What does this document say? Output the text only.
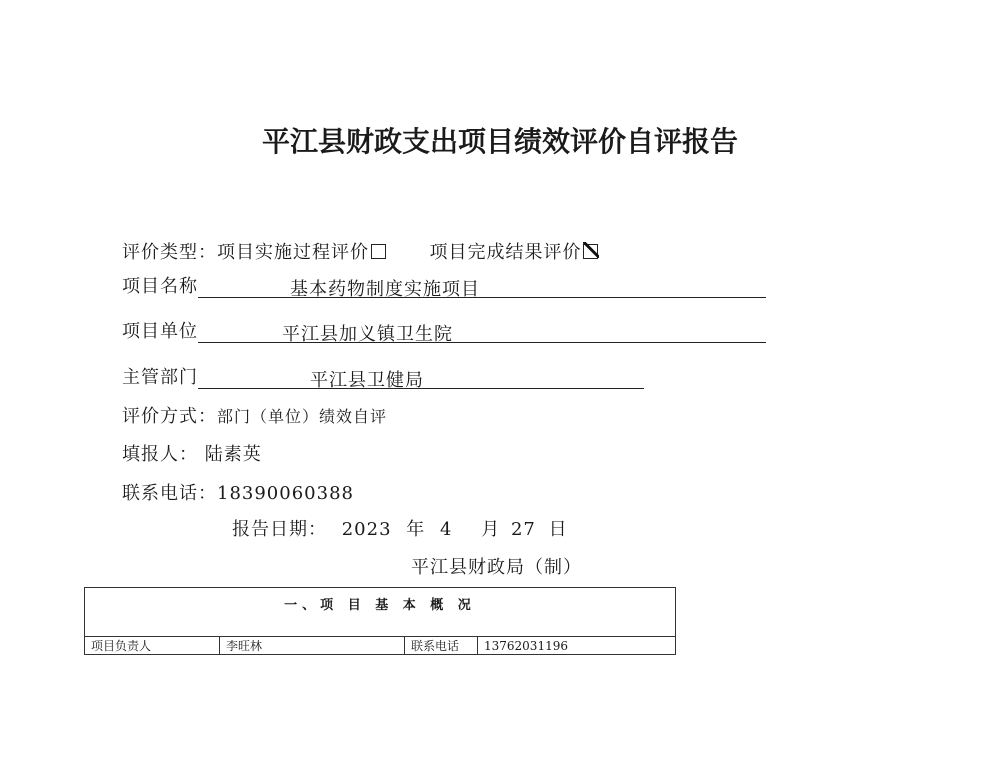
平江县财政支出项目绩效评价自评报告
评价类型：项目实施过程评价	项目完成结果评价
项目名称	基本药物制度实施项目
项目单位	平江县加义镇卫生院
主管部门	平江县卫健局
评价方式：部门（单位）绩效自评
填报人： 陆素英
联系电话：18390060388
报告日期： 2023 年 4 月 27 日
平江县财政局（制）
一、项 目 基 本 概 况
项目负责人	李旺林	联系电话	13762031196
